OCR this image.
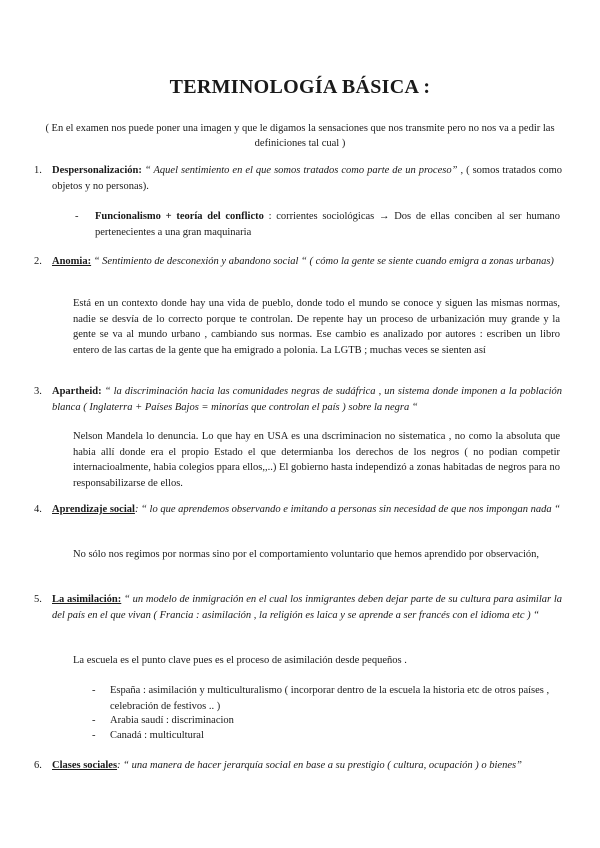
TERMINOLOGÍA BÁSICA :
( En el examen nos puede poner una imagen y que le digamos la sensaciones que nos transmite pero no nos va a pedir las definiciones tal cual )
1. Despersonalización: “ Aquel sentimiento en el que somos tratados como parte de un proceso” , ( somos tratados como objetos y no personas).
- Funcionalismo + teoría del conflicto : corrientes sociológicas → Dos de ellas conciben al ser humano pertenecientes a una gran maquinaria
2. Anomia: “ Sentimiento de desconexión y abandono social “ ( cómo la gente se siente cuando emigra a zonas urbanas)
Está en un contexto donde hay una vida de pueblo, donde todo el mundo se conoce y siguen las mismas normas, nadie se desvía de lo correcto porque te controlan. De repente hay un proceso de urbanización muy grande y la gente se va al mundo urbano , cambiando sus normas. Ese cambio es analizado por autores : escriben un libro entero de las cartas de la gente que ha emigrado a polonia. La LGTB ; muchas veces se sienten así
3. Apartheid: “ la discriminación hacia las comunidades negras de sudáfrica , un sistema donde imponen a la población blanca ( Inglaterra + Países Bajos = minorías que controlan el país ) sobre la negra “
Nelson Mandela lo denuncia. Lo que hay en USA es una dscriminacion no sistematica , no como la absoluta que habia allí donde era el propio Estado el que determianba los derechos de los negros ( no podian competir internacioalmente, habia colegios ppara ellos,,..) El gobierno hasta independizó a zonas habitadas de negros para no responsabilizarse de ellos.
4. Aprendizaje social: “ lo que aprendemos observando e imitando a personas sin necesidad de que nos impongan nada “
No sólo nos regimos por normas sino por el comportamiento voluntario que hemos aprendido por observación,
5. La asimilación: “ un modelo de inmigración en el cual los inmigrantes deben dejar parte de su cultura para asimilar la del país en el que vivan ( Francia : asimilación , la religión es laica y se aprende a ser francés con el idioma etc ) “
La escuela es el punto clave pues es el proceso de asimilación desde pequeños .
- España : asimilación y multiculturalismo ( incorporar dentro de la escuela la historia etc de otros países , celebración de festivos .. )
- Arabia saudí : discriminacion
- Canadá : multicultural
6. Clases sociales: “ una manera de hacer jerarquía social en base a su prestigio ( cultura, ocupación ) o bienes”
